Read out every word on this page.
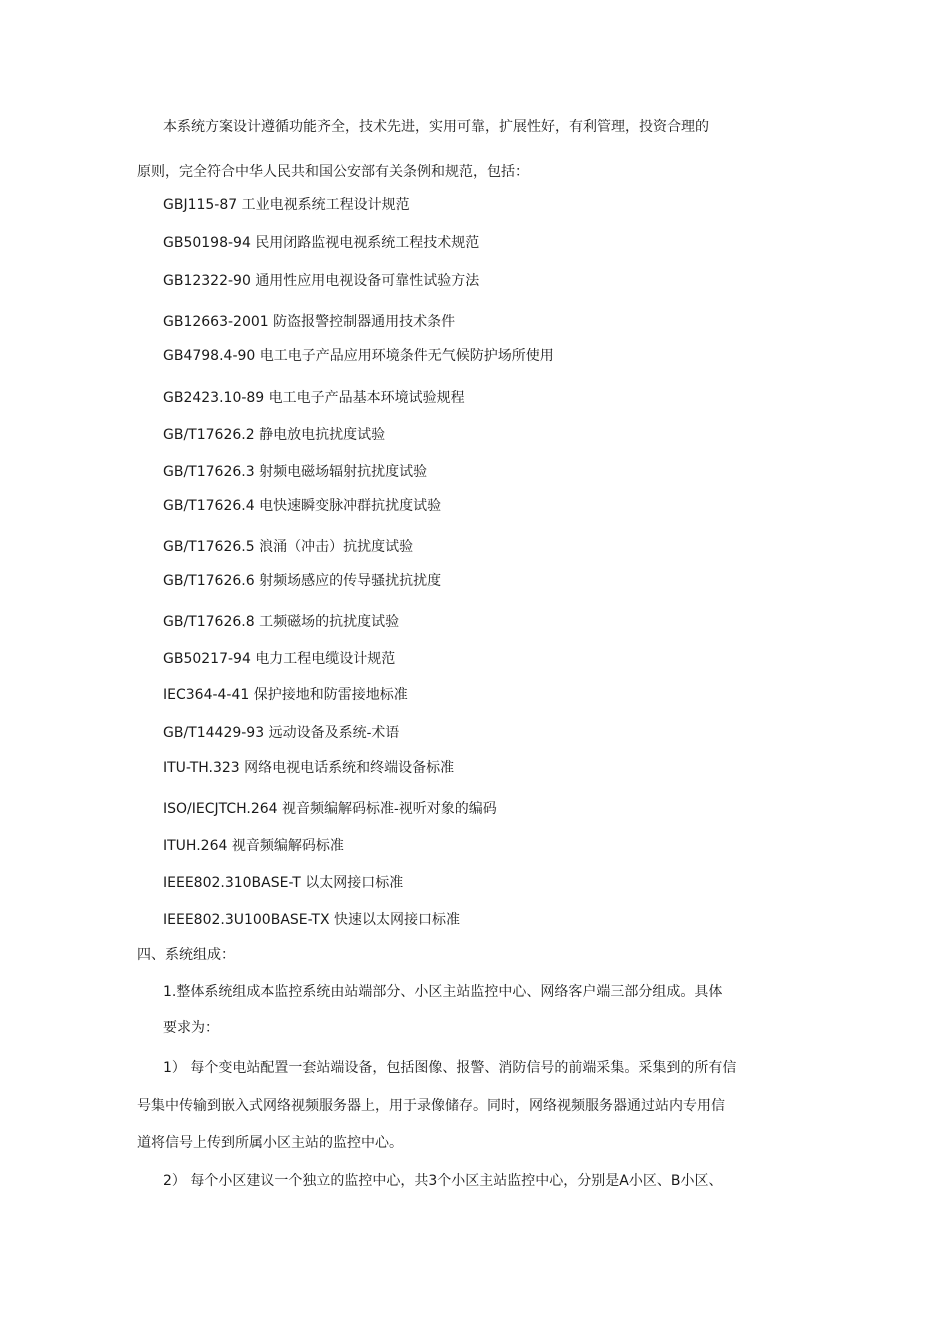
本系统方案设计遵循功能齐全，技术先进，实用可靠，扩展性好，有利管理，投资合理的

原则，完全符合中华人民共和国公安部有关条例和规范，包括：

GBJ115-87 工业电视系统工程设计规范

GB50198-94 民用闭路监视电视系统工程技术规范

GB12322-90 通用性应用电视设备可靠性试验方法

GB12663-2001 防盗报警控制器通用技术条件

GB4798.4-90 电工电子产品应用环境条件无气候防护场所使用

GB2423.10-89 电工电子产品基本环境试验规程

GB/T17626.2 静电放电抗扰度试验

GB/T17626.3 射频电磁场辐射抗扰度试验

GB/T17626.4 电快速瞬变脉冲群抗扰度试验

GB/T17626.5 浪涌（冲击）抗扰度试验

GB/T17626.6 射频场感应的传导骚扰抗扰度

GB/T17626.8 工频磁场的抗扰度试验

GB50217-94 电力工程电缆设计规范

IEC364-4-41 保护接地和防雷接地标准

GB/T14429-93 远动设备及系统-术语

ITU-TH.323 网络电视电话系统和终端设备标准

ISO/IECJTCH.264 视音频编解码标准-视听对象的编码

ITUH.264 视音频编解码标准

IEEE802.310BASE-T 以太网接口标准

IEEE802.3U100BASE-TX 快速以太网接口标准

四、系统组成：

1.整体系统组成本监控系统由站端部分、小区主站监控中心、网络客户端三部分组成。具体

要求为：

1） 每个变电站配置一套站端设备，包括图像、报警、消防信号的前端采集。采集到的所有信

号集中传输到嵌入式网络视频服务器上，用于录像储存。同时，网络视频服务器通过站内专用信

道将信号上传到所属小区主站的监控中心。

2） 每个小区建议一个独立的监控中心，共3个小区主站监控中心，分别是A小区、B小区、
